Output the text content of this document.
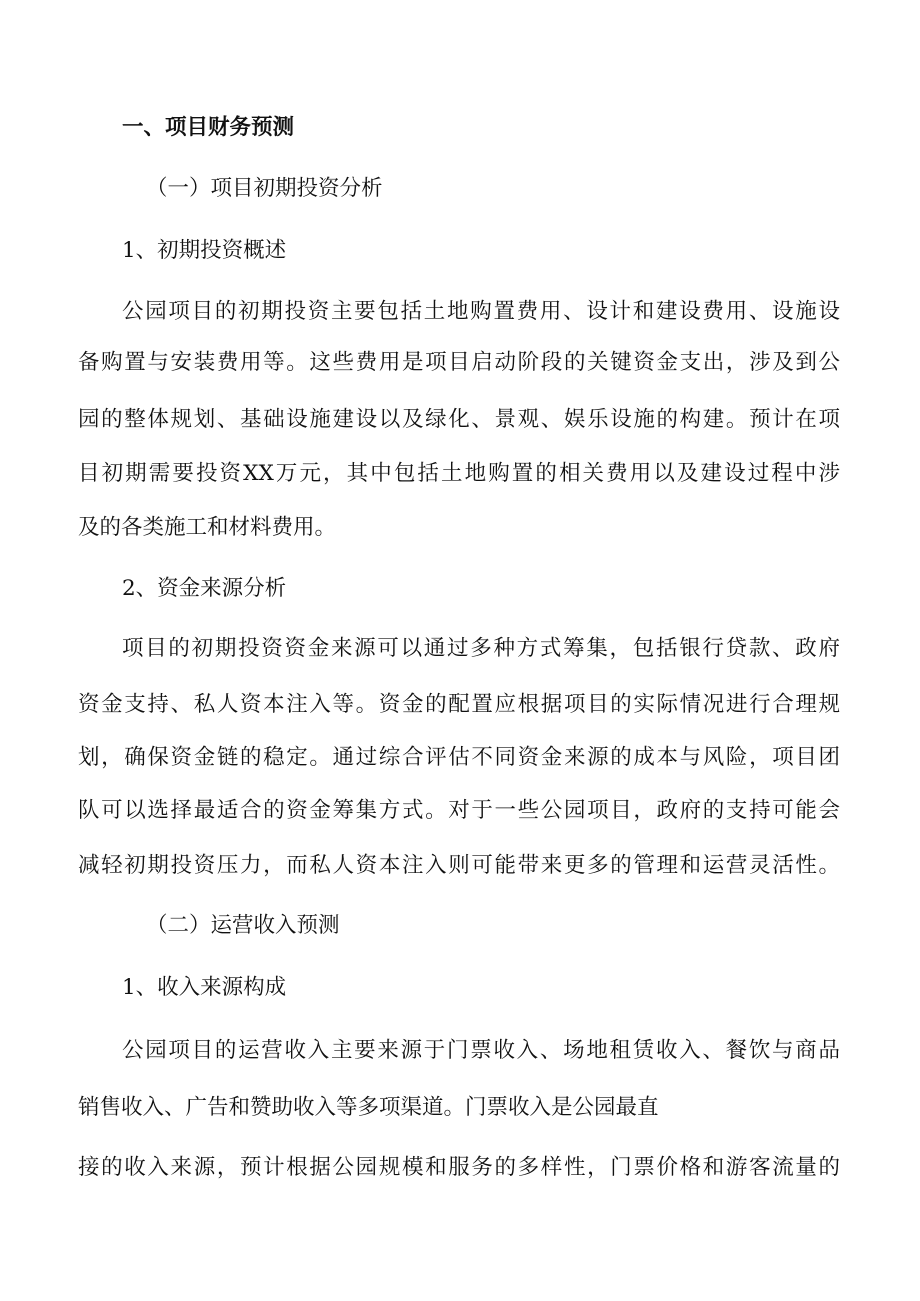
一、项目财务预测
（一）项目初期投资分析
1、初期投资概述
公园项目的初期投资主要包括土地购置费用、设计和建设费用、设施设
备购置与安装费用等。这些费用是项目启动阶段的关键资金支出，涉及到公
园的整体规划、基础设施建设以及绿化、景观、娱乐设施的构建。预计在项
目初期需要投资XX万元，其中包括土地购置的相关费用以及建设过程中涉
及的各类施工和材料费用。
2、资金来源分析
项目的初期投资资金来源可以通过多种方式筹集，包括银行贷款、政府
资金支持、私人资本注入等。资金的配置应根据项目的实际情况进行合理规
划，确保资金链的稳定。通过综合评估不同资金来源的成本与风险，项目团
队可以选择最适合的资金筹集方式。对于一些公园项目，政府的支持可能会
减轻初期投资压力，而私人资本注入则可能带来更多的管理和运营灵活性。
（二）运营收入预测
1、收入来源构成
公园项目的运营收入主要来源于门票收入、场地租赁收入、餐饮与商品
销售收入、广告和赞助收入等多项渠道。门票收入是公园最直
接的收入来源，预计根据公园规模和服务的多样性，门票价格和游客流量的
